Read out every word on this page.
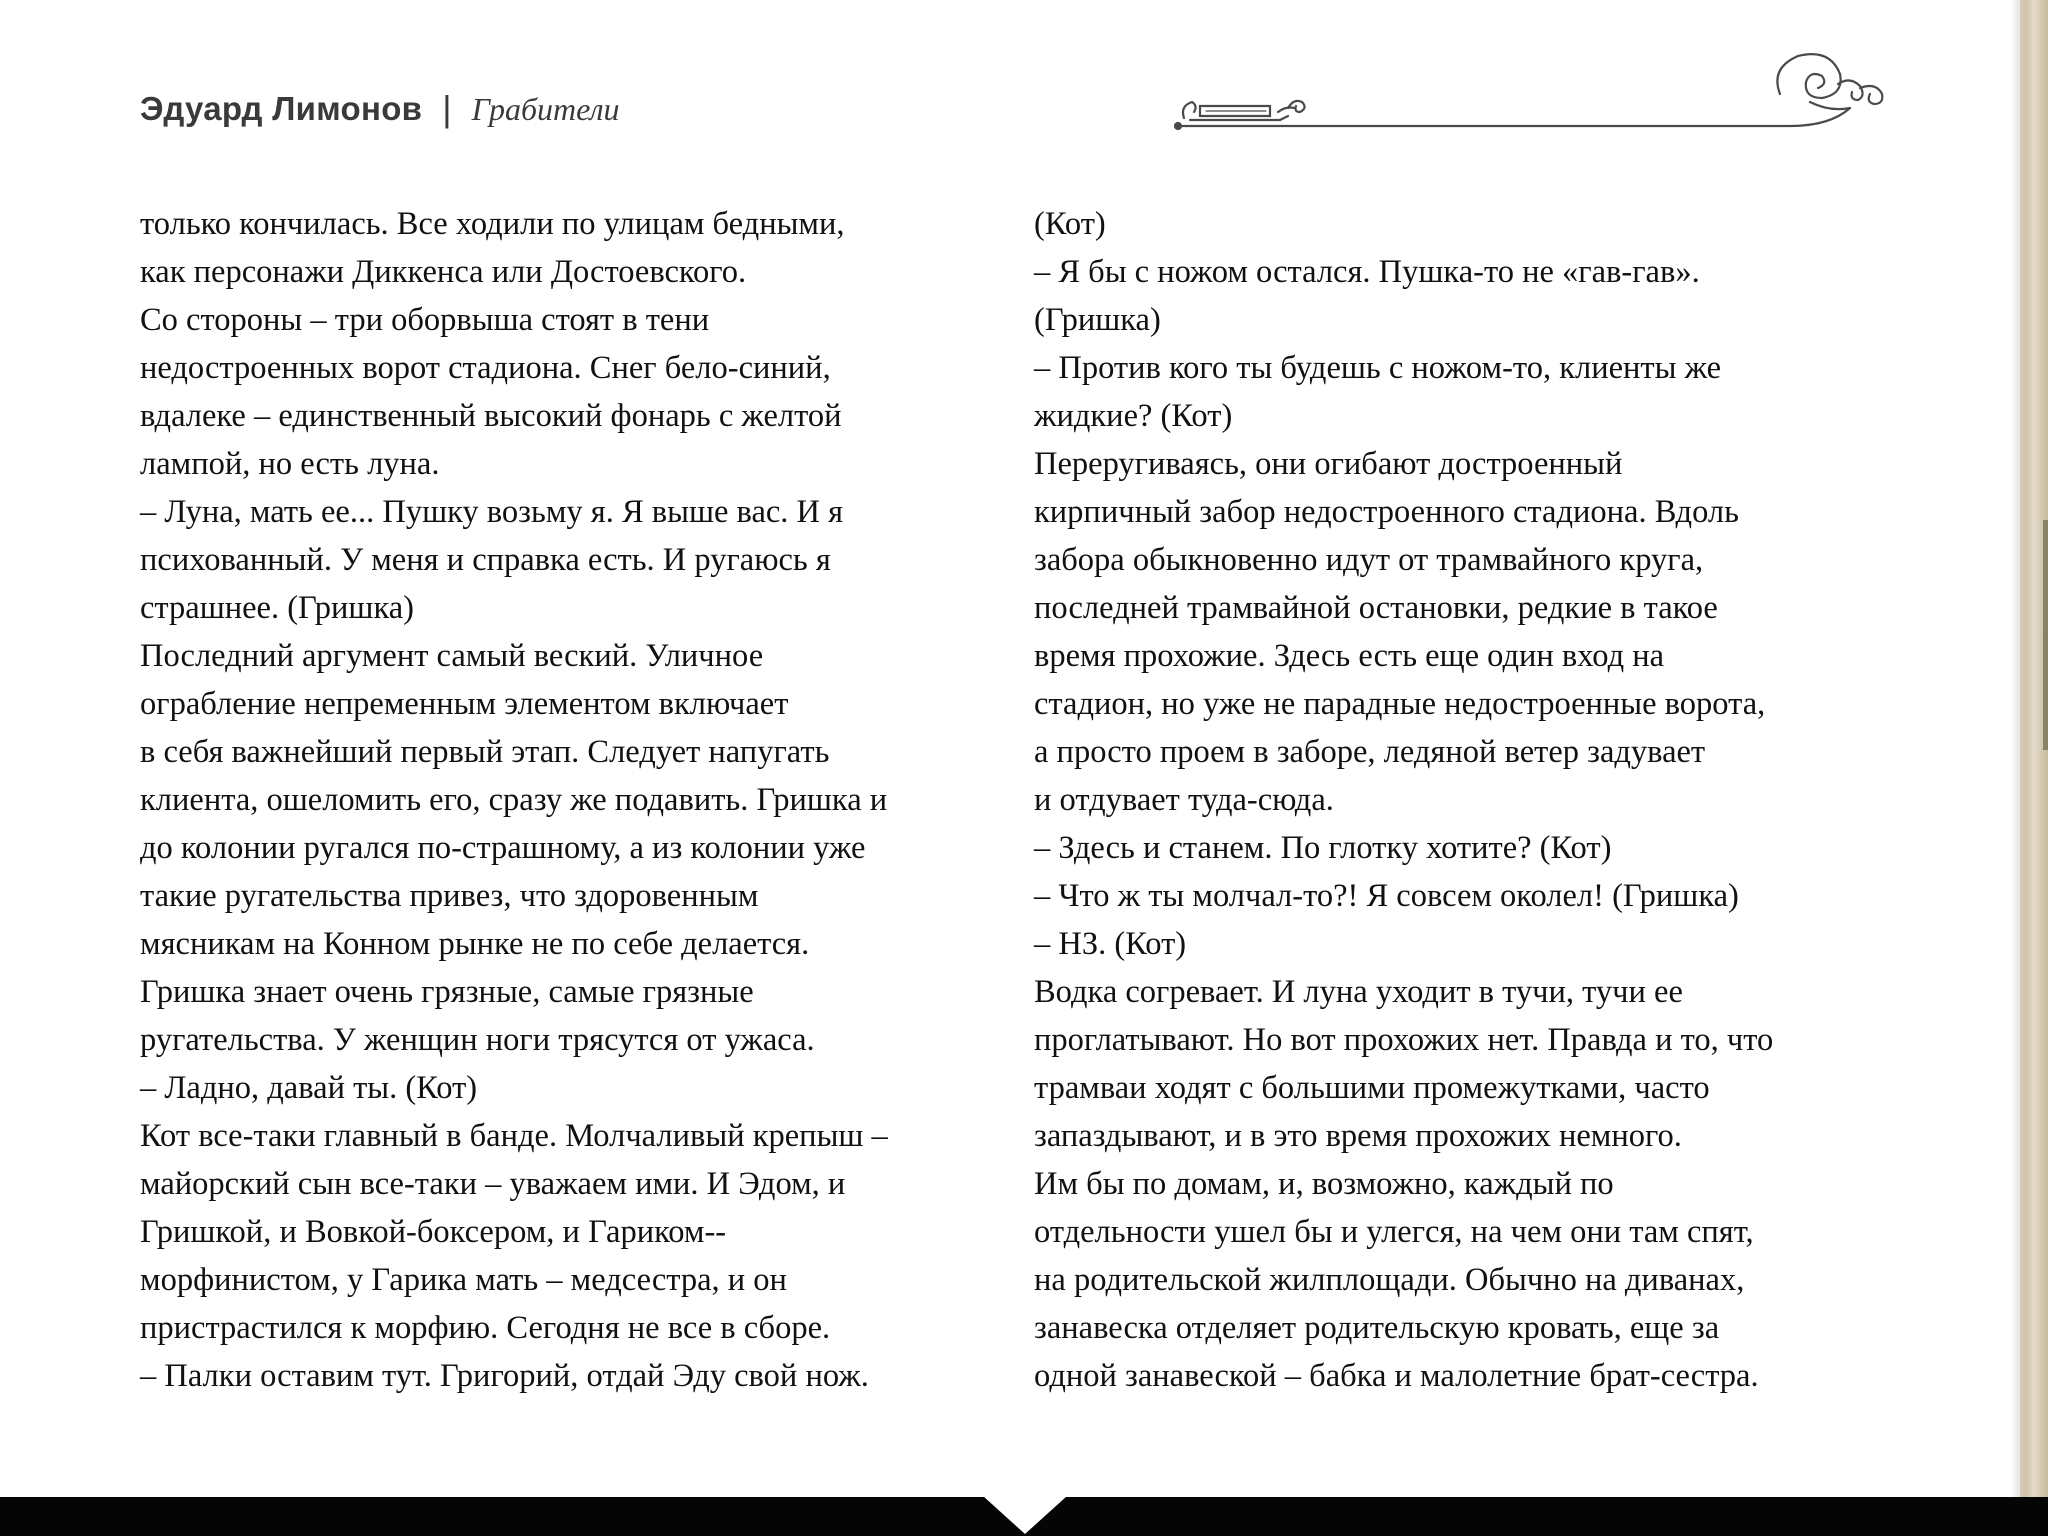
Эдуард Лимонов | Грабители
только кончилась. Все ходили по улицам бедными,
как персонажи Диккенса или Достоевского.
Со стороны – три оборвыша стоят в тени
недостроенных ворот стадиона. Снег бело-синий,
вдалеке – единственный высокий фонарь с желтой
лампой, но есть луна.
– Луна, мать ее... Пушку возьму я. Я выше вас. И я
психованный. У меня и справка есть. И ругаюсь я
страшнее. (Гришка)
Последний аргумент самый веский. Уличное
ограбление непременным элементом включает
в себя важнейший первый этап. Следует напугать
клиента, ошеломить его, сразу же подавить. Гришка и
до колонии ругался по-страшному, а из колонии уже
такие ругательства привез, что здоровенным
мясникам на Конном рынке не по себе делается.
Гришка знает очень грязные, самые грязные
ругательства. У женщин ноги трясутся от ужаса.
– Ладно, давай ты. (Кот)
Кот все-таки главный в банде. Молчаливый крепыш –
майорский сын все-таки – уважаем ими. И Эдом, и
Гришкой, и Вовкой-боксером, и Гариком--
морфинистом, у Гарика мать – медсестра, и он
пристрастился к морфию. Сегодня не все в сборе.
– Палки оставим тут. Григорий, отдай Эду свой нож.
(Кот)
– Я бы с ножом остался. Пушка-то не «гав-гав».
(Гришка)
– Против кого ты будешь с ножом-то, клиенты же
жидкие? (Кот)
Переругиваясь, они огибают достроенный
кирпичный забор недостроенного стадиона. Вдоль
забора обыкновенно идут от трамвайного круга,
последней трамвайной остановки, редкие в такое
время прохожие. Здесь есть еще один вход на
стадион, но уже не парадные недостроенные ворота,
а просто проем в заборе, ледяной ветер задувает
и отдувает туда-сюда.
– Здесь и станем. По глотку хотите? (Кот)
– Что ж ты молчал-то?! Я совсем околел! (Гришка)
– НЗ. (Кот)
Водка согревает. И луна уходит в тучи, тучи ее
проглатывают. Но вот прохожих нет. Правда и то, что
трамваи ходят с большими промежутками, часто
запаздывают, и в это время прохожих немного.
Им бы по домам, и, возможно, каждый по
отдельности ушел бы и улегся, на чем они там спят,
на родительской жилплощади. Обычно на диванах,
занавеска отделяет родительскую кровать, еще за
одной занавеской – бабка и малолетние брат-сестра.
